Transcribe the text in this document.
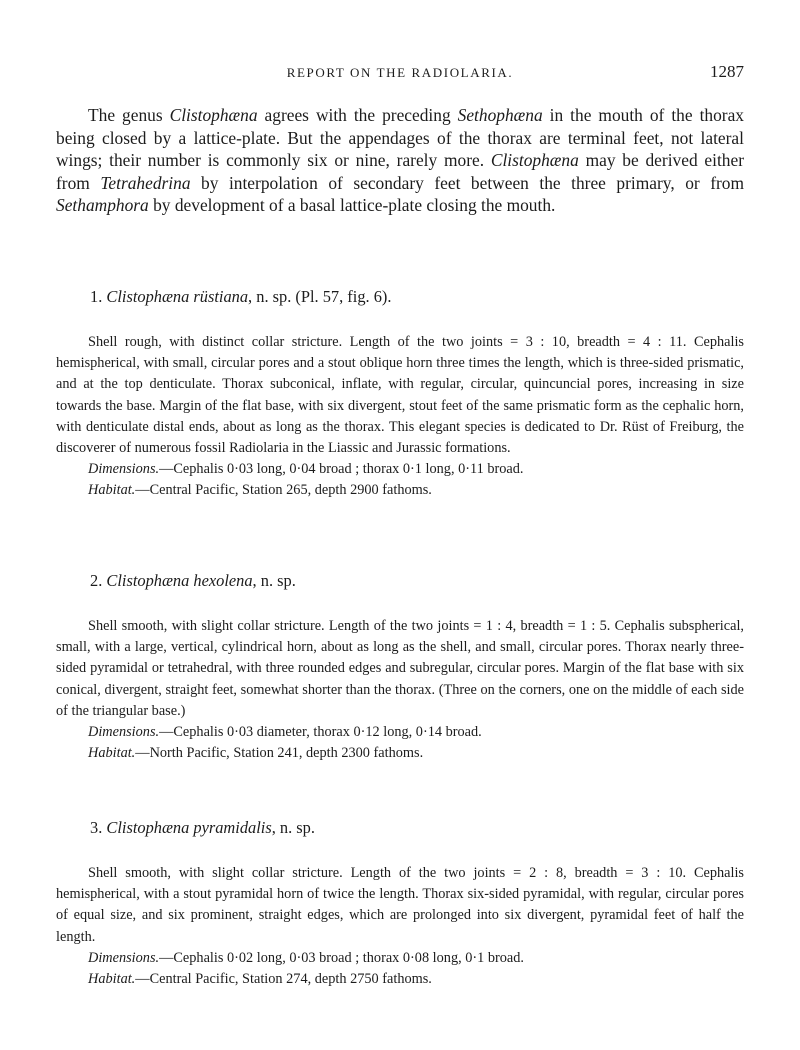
REPORT ON THE RADIOLARIA.	1287

The genus Clistophæna agrees with the preceding Sethophæna in the mouth of the thorax being closed by a lattice-plate. But the appendages of the thorax are terminal feet, not lateral wings; their number is commonly six or nine, rarely more. Clistophæna may be derived either from Tetrahedrina by interpolation of secondary feet between the three primary, or from Sethamphora by development of a basal lattice-plate closing the mouth.

1. Clistophæna rüstiana, n. sp. (Pl. 57, fig. 6).

Shell rough, with distinct collar stricture. Length of the two joints = 3 : 10, breadth = 4 : 11. Cephalis hemispherical, with small, circular pores and a stout oblique horn three times the length, which is three-sided prismatic, and at the top denticulate. Thorax subconical, inflate, with regular, circular, quincuncial pores, increasing in size towards the base. Margin of the flat base, with six divergent, stout feet of the same prismatic form as the cephalic horn, with denticulate distal ends, about as long as the thorax. This elegant species is dedicated to Dr. Rüst of Freiburg, the discoverer of numerous fossil Radiolaria in the Liassic and Jurassic formations.

Dimensions.—Cephalis 0·03 long, 0·04 broad ; thorax 0·1 long, 0·11 broad.

Habitat.—Central Pacific, Station 265, depth 2900 fathoms.

2. Clistophæna hexolena, n. sp.

Shell smooth, with slight collar stricture. Length of the two joints = 1 : 4, breadth = 1 : 5. Cephalis subspherical, small, with a large, vertical, cylindrical horn, about as long as the shell, and small, circular pores. Thorax nearly three-sided pyramidal or tetrahedral, with three rounded edges and subregular, circular pores. Margin of the flat base with six conical, divergent, straight feet, somewhat shorter than the thorax. (Three on the corners, one on the middle of each side of the triangular base.)

Dimensions.—Cephalis 0·03 diameter, thorax 0·12 long, 0·14 broad.

Habitat.—North Pacific, Station 241, depth 2300 fathoms.

3. Clistophæna pyramidalis, n. sp.

Shell smooth, with slight collar stricture. Length of the two joints = 2 : 8, breadth = 3 : 10. Cephalis hemispherical, with a stout pyramidal horn of twice the length. Thorax six-sided pyramidal, with regular, circular pores of equal size, and six prominent, straight edges, which are prolonged into six divergent, pyramidal feet of half the length.

Dimensions.—Cephalis 0·02 long, 0·03 broad ; thorax 0·08 long, 0·1 broad.

Habitat.—Central Pacific, Station 274, depth 2750 fathoms.
